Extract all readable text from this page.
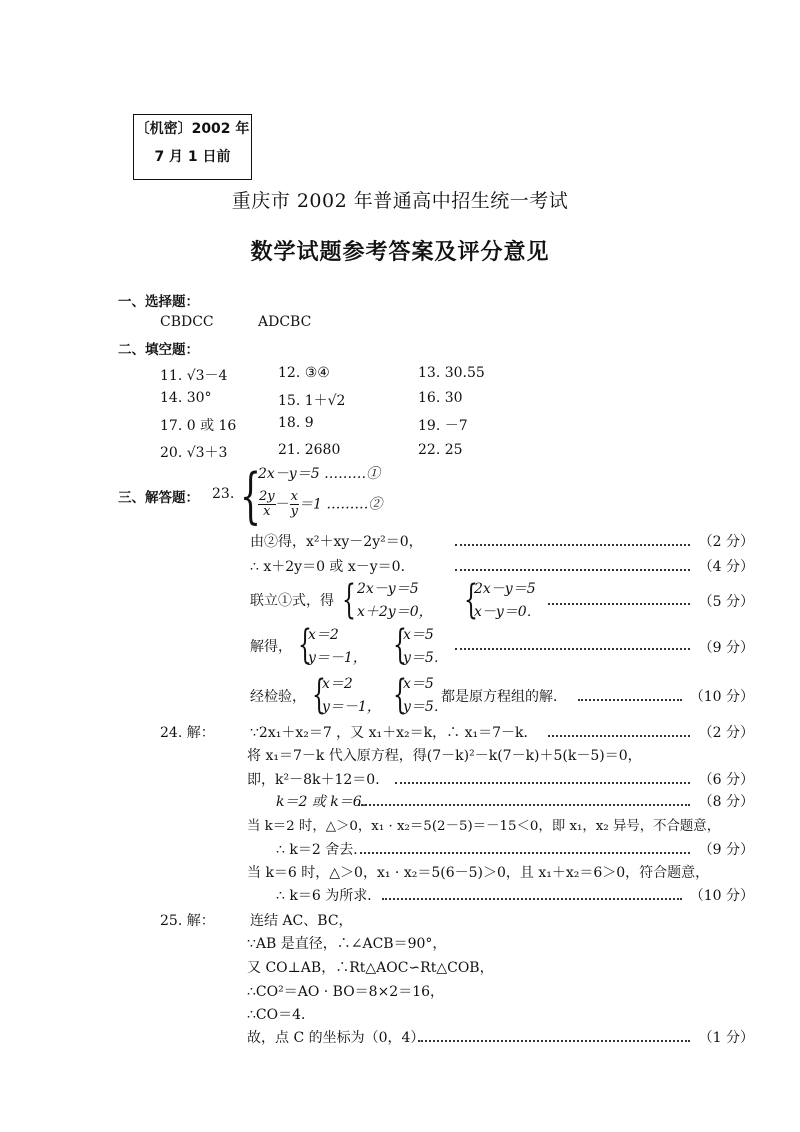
〔机密〕2002 年
7 月 1 日前
重庆市 2002 年普通高中招生统一考试
数学试题参考答案及评分意见
一、选择题：
CBDCC	ADCBC
二、填空题：
11. √3－4	12. ③④	13. 30.55
14. 30°	15. 1＋√2	16. 30
17. 0 或 16	18. 9	19. －7
20. √3＋3	21. 2680	22. 25
三、解答题： 23. {
2x－y＝5 ………①
$\frac{2y}{x} - \frac{x}{y} =1$ ………②
由②得，x²＋xy－2y²＝0，	（2 分）
∴ x＋2y＝0 或 x－y＝0．	（4 分）
联立①式，得 { 2x－y＝5
x＋2y＝0， {
2x－y＝5
x－y＝0．
（5 分）
解得， {
x＝2
y＝－1， {
x＝5
y＝5．
（9 分）
经检验， {
x＝2
y＝－1， {
x＝5
y＝5．
都是原方程组的解．	（10 分）
24. 解：	∵2x₁＋x₂＝7 ，又 x₁＋x₂＝k，∴ x₁＝7－k．	（2 分）
将 x₁＝7－k 代入原方程，得(7－k)²－k(7－k)＋5(k－5)＝0，
即，k²－8k＋12＝0．	（6 分）
k＝2 或 k＝6．	（8 分）
当 k＝2 时，△＞0，x₁ · x₂＝5(2－5)＝－15＜0，即 x₁，x₂ 异号，不合题意，
∴ k＝2 舍去．	（9 分）
当 k＝6 时，△＞0，x₁ · x₂＝5(6－5)＞0，且 x₁＋x₂＝6＞0，符合题意，
∴ k＝6 为所求．	（10 分）
25. 解：	连结 AC、BC，
∵AB 是直径，∴∠ACB＝90°，
又 CO⊥AB，∴Rt△AOC∽Rt△COB，
∴CO²＝AO · BO＝8×2＝16，
∴CO＝4．
故，点 C 的坐标为（0，4）．	（1 分）
